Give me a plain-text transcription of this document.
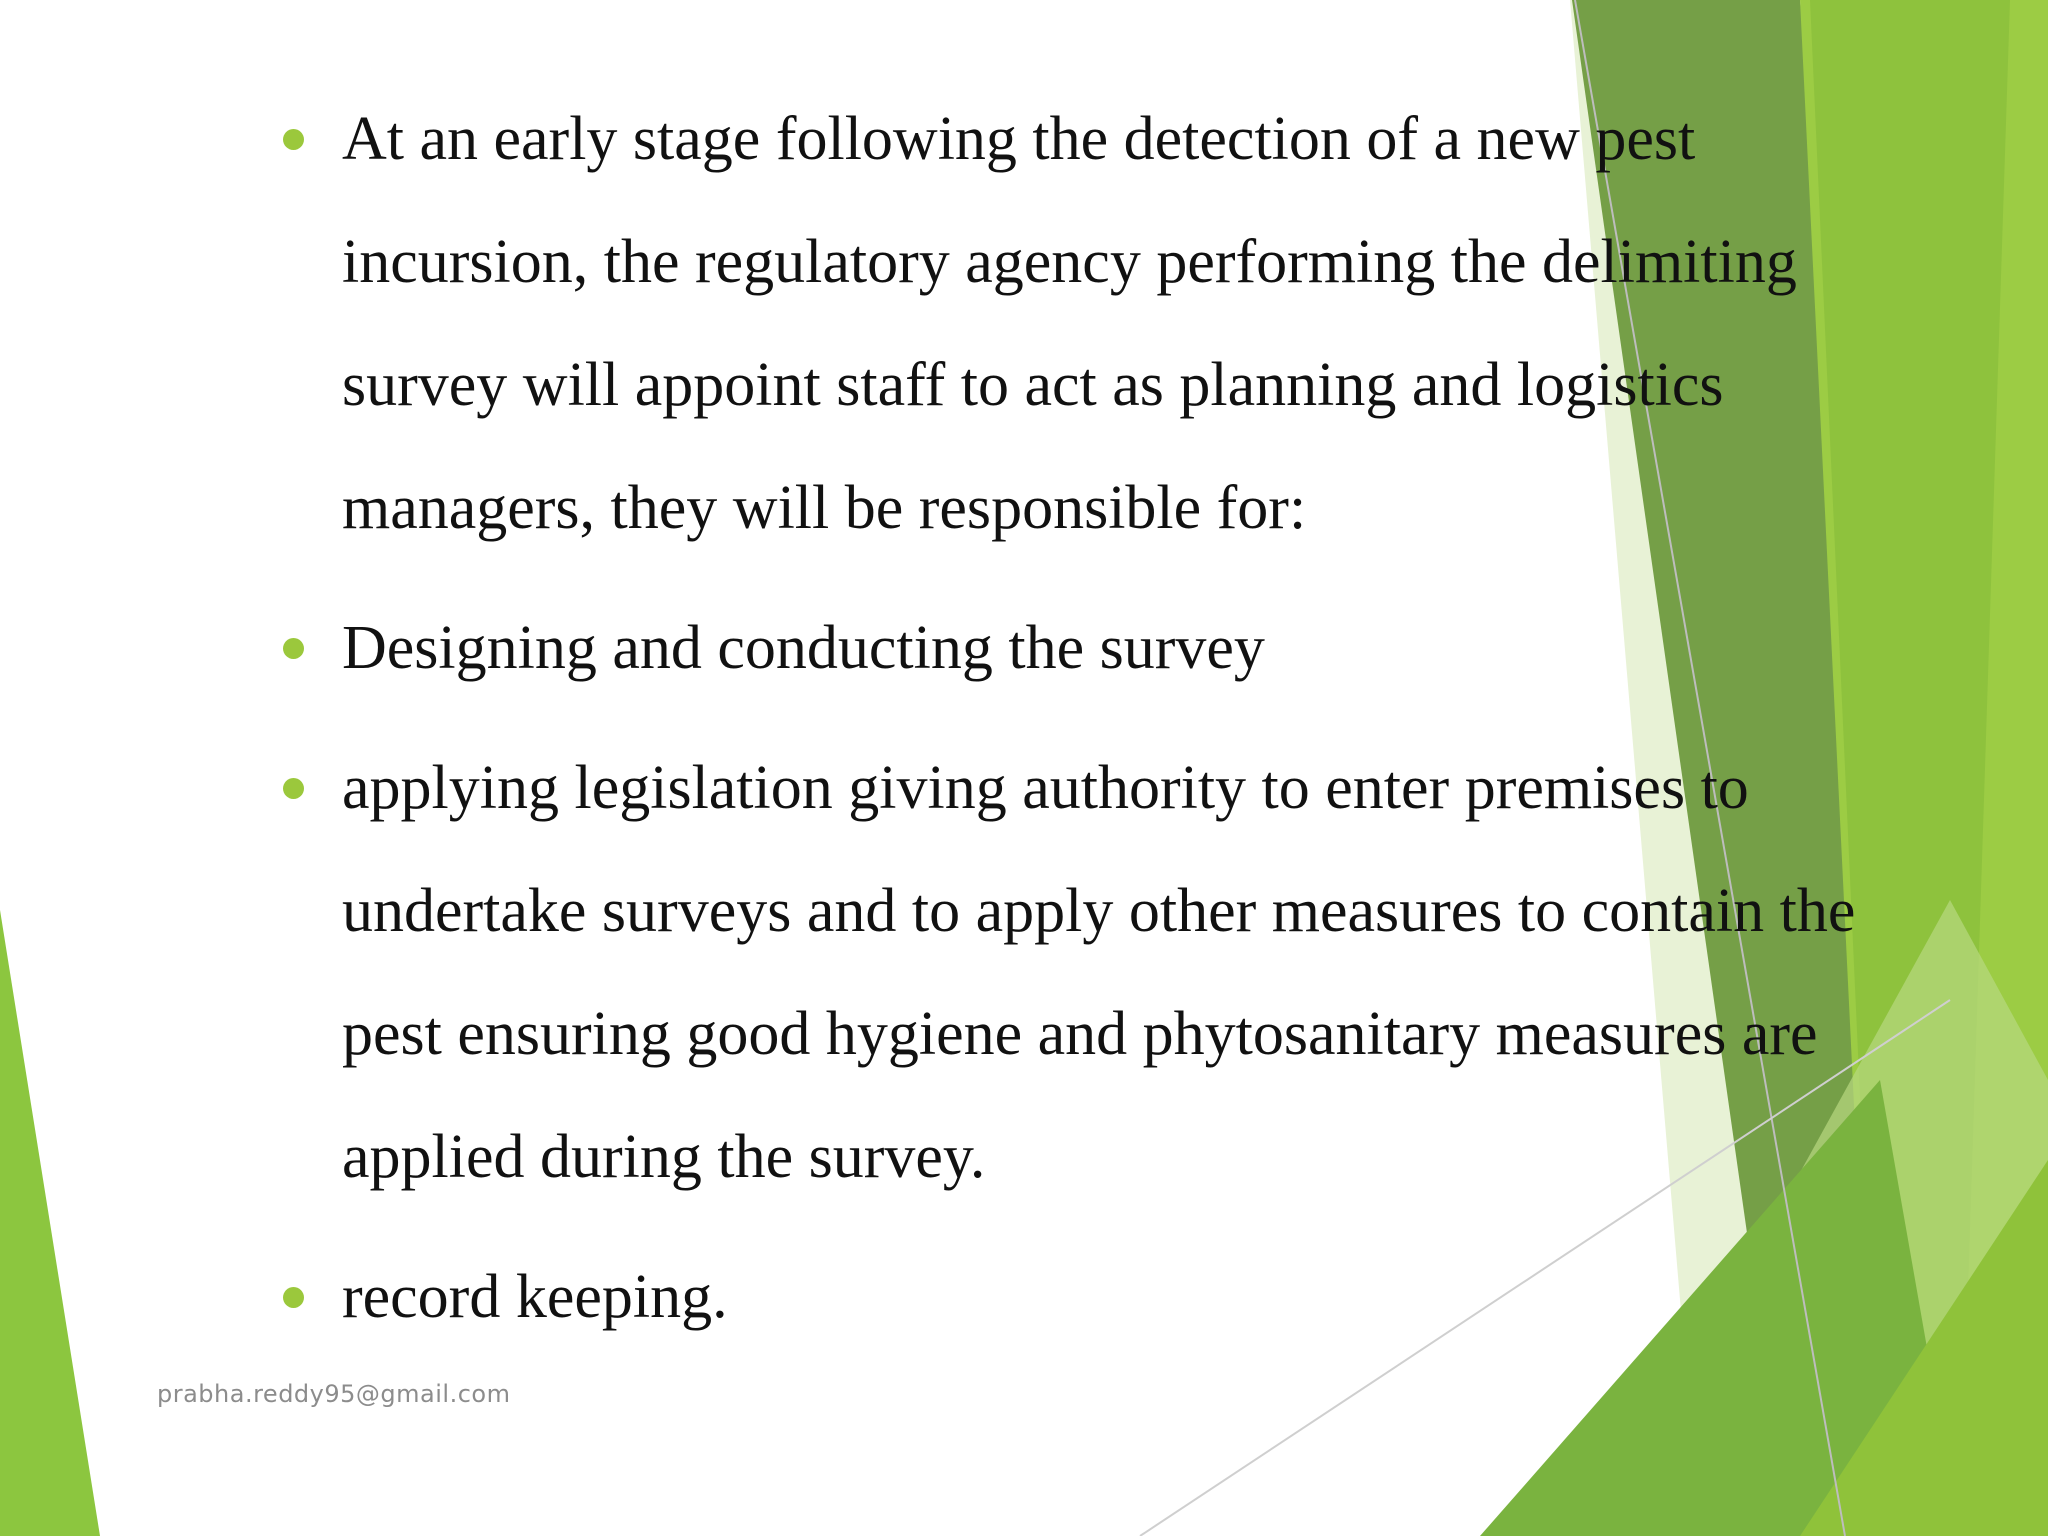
At an early stage following the detection of a new pest incursion, the regulatory agency performing the delimiting survey will appoint staff to act as planning and logistics managers, they will be responsible for:
Designing and conducting the survey
applying legislation giving authority to enter premises to undertake surveys and to apply other measures to contain the pest ensuring good hygiene and phytosanitary measures are applied during the survey.
record keeping.
prabha.reddy95@gmail.com
